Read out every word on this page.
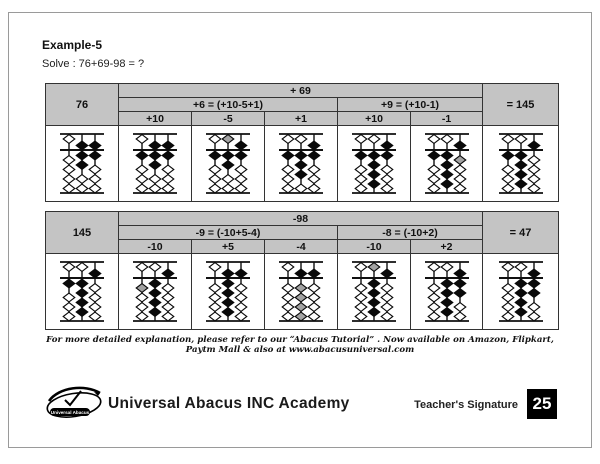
Example-5
Solve : 76+69-98 = ?
76	+ 69					= 145
	+6 = (+10-5+1)			+9 = (+10-1)		
	+10	-5	+1	+10	-1	

145	-98					= 47
	-9 = (-10+5-4)			-8 = (-10+2)		
	-10	+5	-4	-10	+2	

For more detailed explanation, please refer to our “Abacus Tutorial” . Now available on Amazon, Flipkart, Paytm Mall & also at www.abacusuniversal.com
Universal Abacus
Universal Abacus INC Academy	Teacher's Signature 25
